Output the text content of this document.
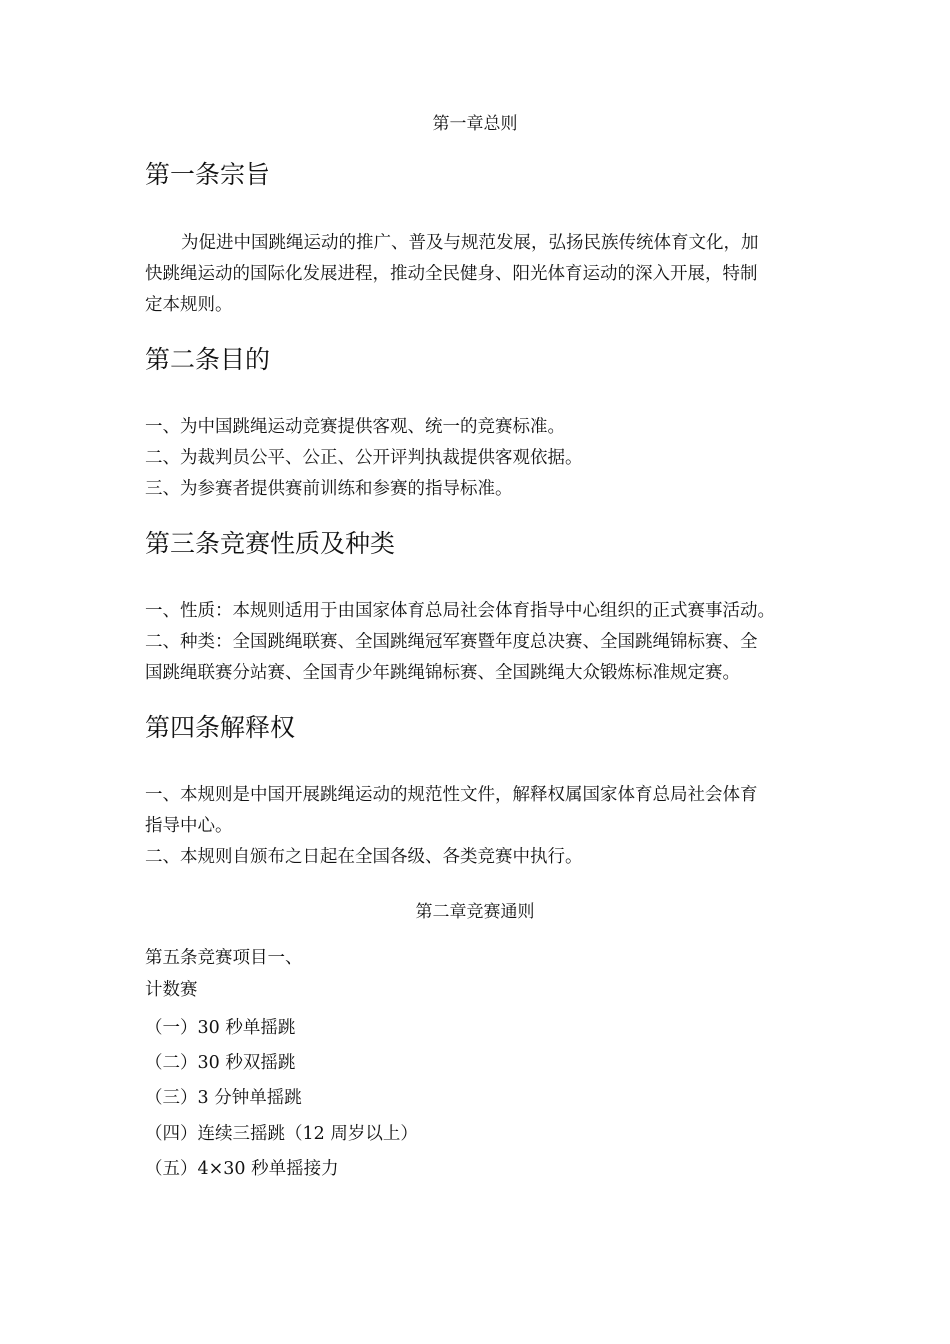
第一章总则
第一条宗旨
为促进中国跳绳运动的推广、普及与规范发展，弘扬民族传统体育文化，加
快跳绳运动的国际化发展进程，推动全民健身、阳光体育运动的深入开展，特制
定本规则。
第二条目的
一、为中国跳绳运动竞赛提供客观、统一的竞赛标准。
二、为裁判员公平、公正、公开评判执裁提供客观依据。
三、为参赛者提供赛前训练和参赛的指导标准。
第三条竞赛性质及种类
一、性质：本规则适用于由国家体育总局社会体育指导中心组织的正式赛事活动。
二、种类：全国跳绳联赛、全国跳绳冠军赛暨年度总决赛、全国跳绳锦标赛、全
国跳绳联赛分站赛、全国青少年跳绳锦标赛、全国跳绳大众锻炼标准规定赛。
第四条解释权
一、本规则是中国开展跳绳运动的规范性文件，解释权属国家体育总局社会体育
指导中心。
二、本规则自颁布之日起在全国各级、各类竞赛中执行。
第二章竞赛通则
第五条竞赛项目一、
计数赛
（一）30 秒单摇跳
（二）30 秒双摇跳
（三）3 分钟单摇跳
（四）连续三摇跳（12 周岁以上）
（五）4×30 秒单摇接力
